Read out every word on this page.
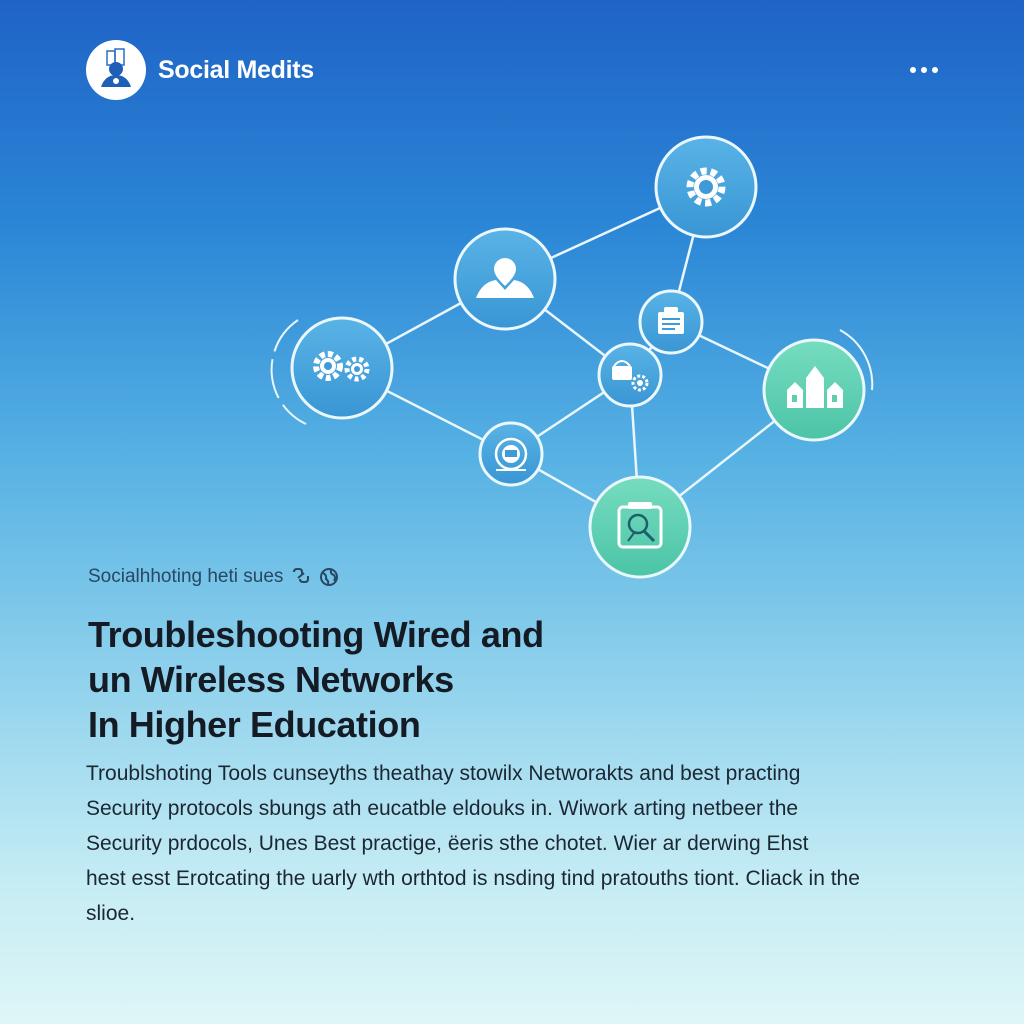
Social Medits
Socialhhoting heti sues
Troubleshooting Wired and
un Wireless Networks
In Higher Education
Troublshoting Tools cunseyths theathay stowilx Networakts and best practing
Security protocols sbungs ath eucatble eldouks in. Wiwork arting netbeer the
Security prdocols, Unes Best practige, ëeris sthe chotet. Wier ar derwing Ehst
hest esst Erotcating the uarly wth orthtod is nsding tind pratouths tiont. Cliack in the
slioe.
